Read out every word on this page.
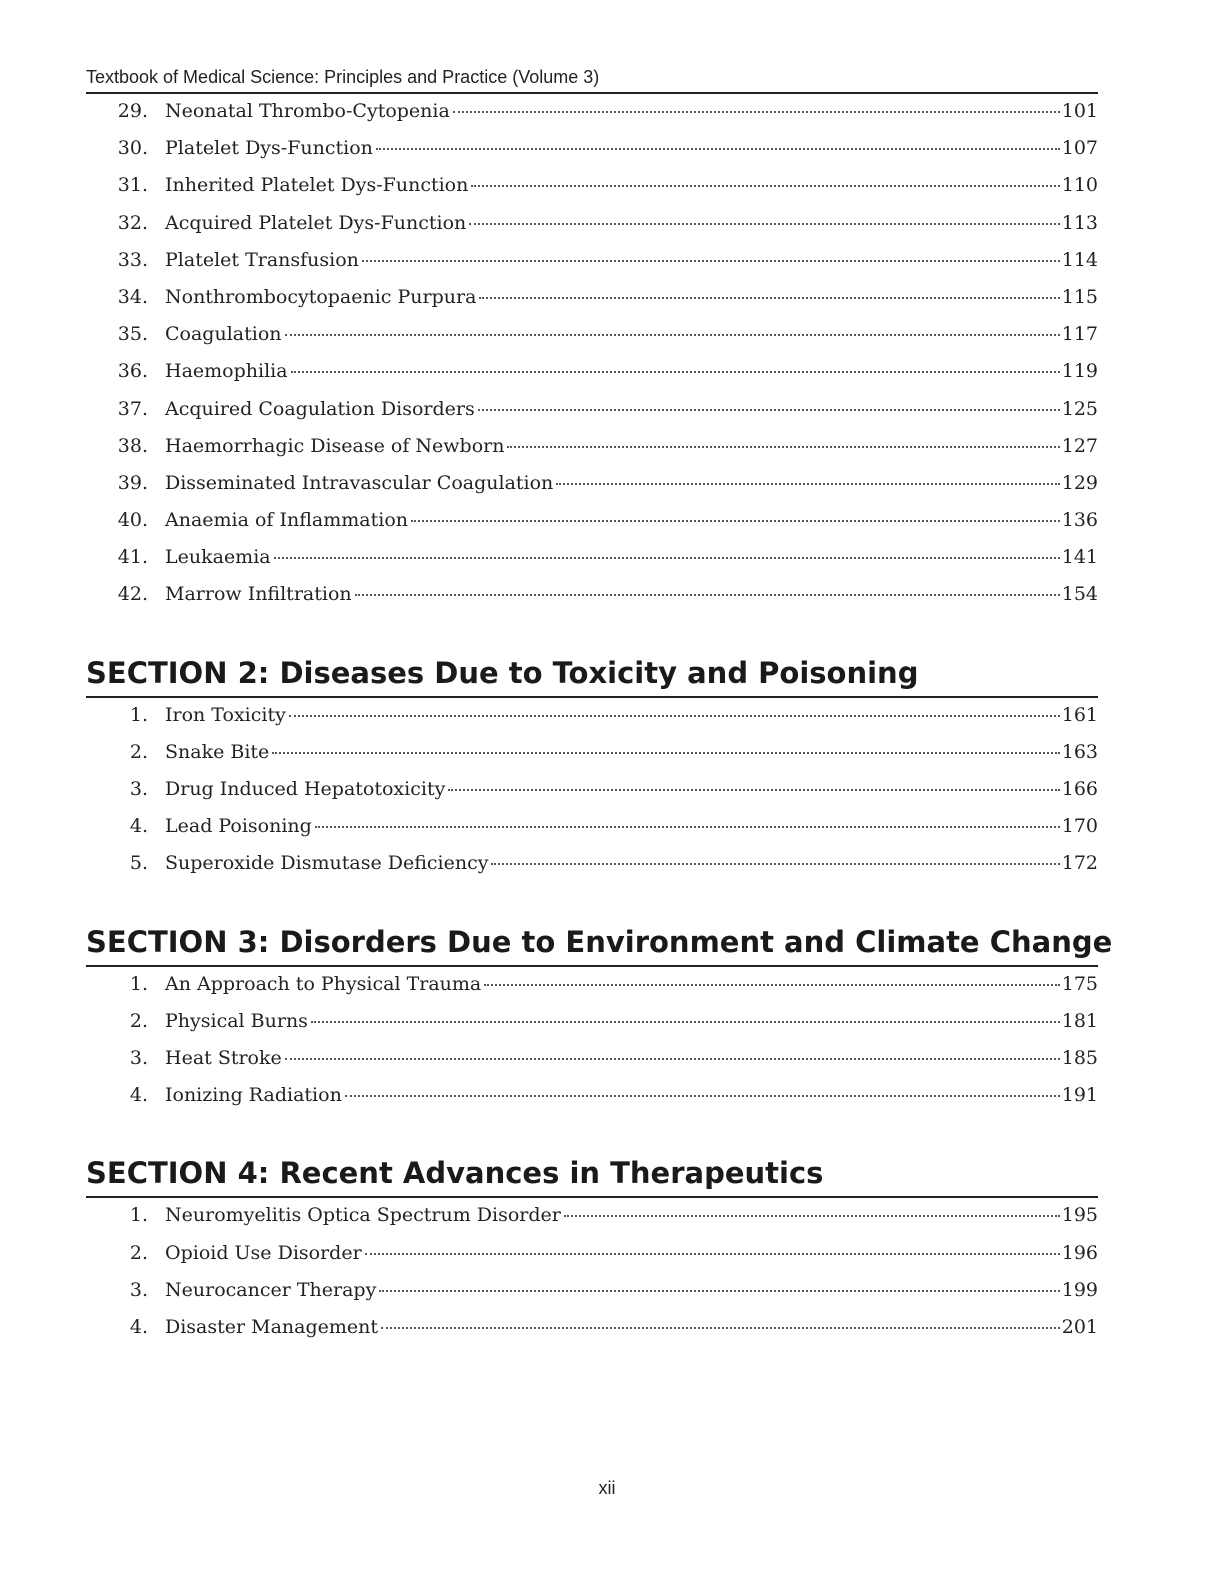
Textbook of Medical Science: Principles and Practice (Volume 3)
29. Neonatal Thrombo-Cytopenia	101
30. Platelet Dys-Function	107
31. Inherited Platelet Dys-Function	110
32. Acquired Platelet Dys-Function	113
33. Platelet Transfusion	114
34. Nonthrombocytopaenic Purpura	115
35. Coagulation	117
36. Haemophilia	119
37. Acquired Coagulation Disorders	125
38. Haemorrhagic Disease of Newborn	127
39. Disseminated Intravascular Coagulation	129
40. Anaemia of Inflammation	136
41. Leukaemia	141
42. Marrow Infiltration	154
SECTION 2: Diseases Due to Toxicity and Poisoning
1. Iron Toxicity	161
2. Snake Bite	163
3. Drug Induced Hepatotoxicity	166
4. Lead Poisoning	170
5. Superoxide Dismutase Deficiency	172
SECTION 3: Disorders Due to Environment and Climate Change
1. An Approach to Physical Trauma	175
2. Physical Burns	181
3. Heat Stroke	185
4. Ionizing Radiation	191
SECTION 4: Recent Advances in Therapeutics
1. Neuromyelitis Optica Spectrum Disorder	195
2. Opioid Use Disorder	196
3. Neurocancer Therapy	199
4. Disaster Management	201
xii
